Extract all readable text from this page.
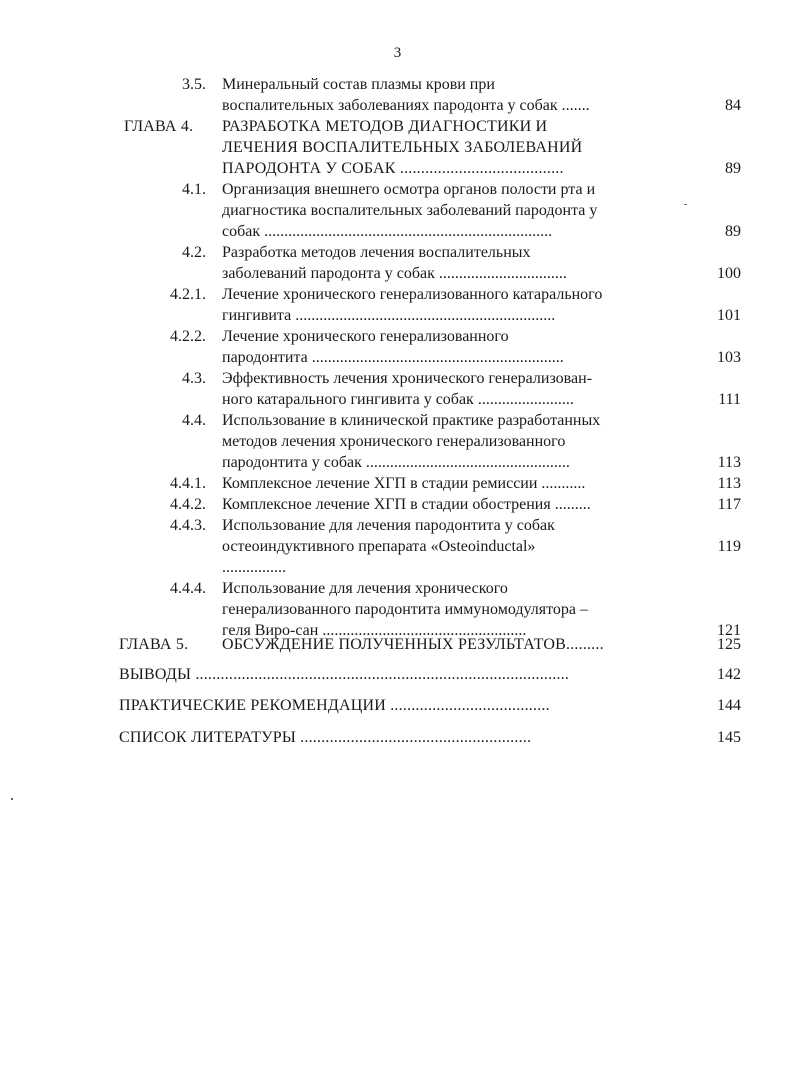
3
3.5. Минеральный состав плазмы крови при
воспалительных заболеваниях пародонта у собак .......	84
ГЛАВА 4.	РАЗРАБОТКА МЕТОДОВ ДИАГНОСТИКИ И
ЛЕЧЕНИЯ ВОСПАЛИТЕЛЬНЫХ ЗАБОЛЕВАНИЙ
ПАРОДОНТА У СОБАК .......................................	89
4.1. Организация внешнего осмотра органов полости рта и
диагностика воспалительных заболеваний пародонта у
собак ........................................................................	89
4.2. Разработка методов лечения воспалительных
заболеваний пародонта у собак ................................	100
4.2.1. Лечение хронического генерализованного катарального
гингивита .................................................................	101
4.2.2. Лечение хронического генерализованного
пародонтита ...............................................................	103
4.3. Эффективность лечения хронического генерализован-
ного катарального гингивита у собак ........................	111
4.4. Использование в клинической практике разработанных
методов лечения хронического генерализованного
пародонтита у собак ...................................................	113
4.4.1. Комплексное лечение ХГП в стадии ремиссии ...........	113
4.4.2. Комплексное лечение ХГП в стадии обострения .........	117
4.4.3. Использование для лечения пародонтита у собак
остеоиндуктивного препарата «Osteoinductal»	119
................
4.4.4. Использование для лечения хронического
генерализованного пародонтита иммуномодулятора –
геля Виро-сан ...................................................	121
ГЛАВА 5.	ОБСУЖДЕНИЕ ПОЛУЧЕННЫХ РЕЗУЛЬТАТОВ.........	125
ВЫВОДЫ .........................................................................................	142
ПРАКТИЧЕСКИЕ РЕКОМЕНДАЦИИ ......................................	144
СПИСОК ЛИТЕРАТУРЫ .......................................................	145
